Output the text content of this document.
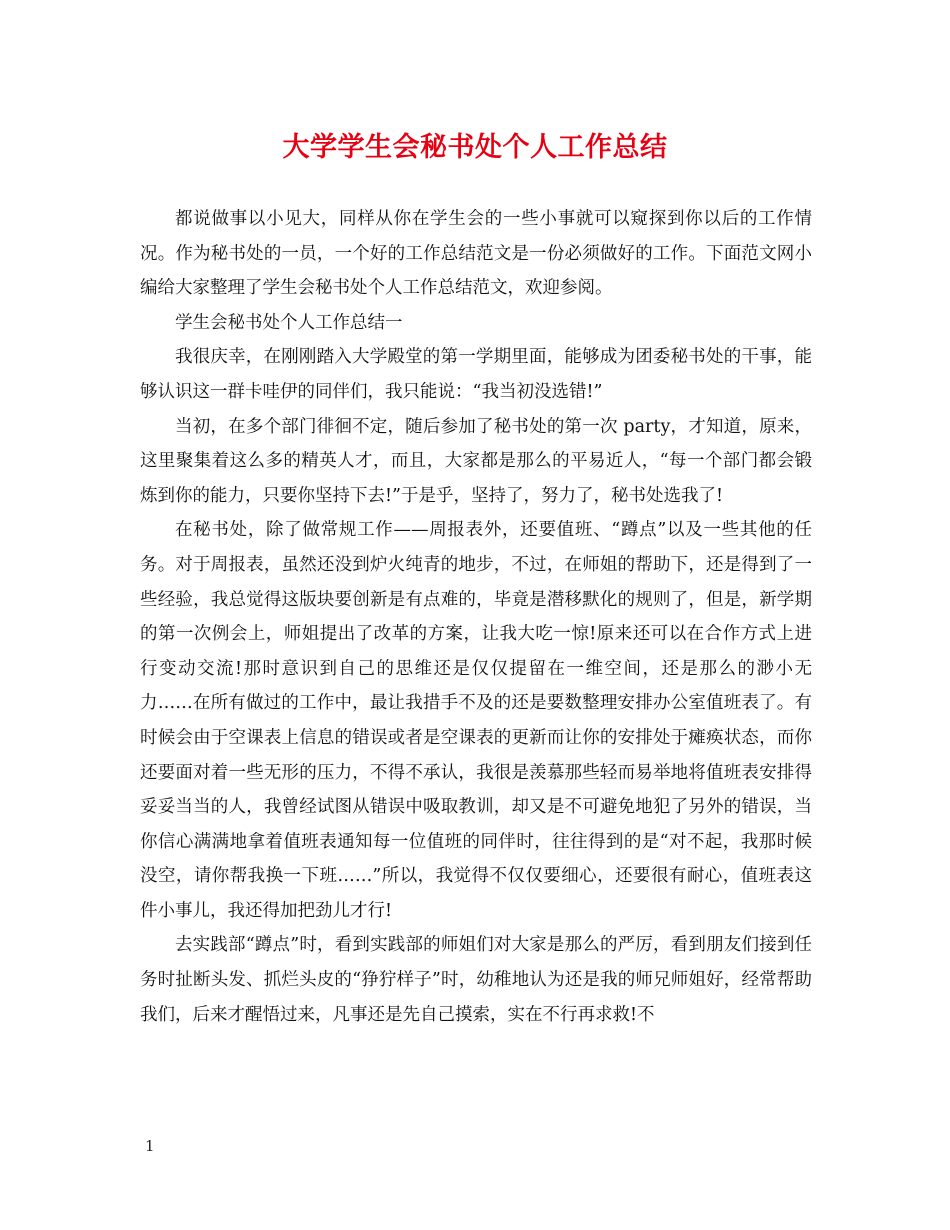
大学学生会秘书处个人工作总结

都说做事以小见大，同样从你在学生会的一些小事就可以窥探到你以后的工作情况。作为秘书处的一员，一个好的工作总结范文是一份必须做好的工作。下面范文网小编给大家整理了学生会秘书处个人工作总结范文，欢迎参阅。

学生会秘书处个人工作总结一

我很庆幸，在刚刚踏入大学殿堂的第一学期里面，能够成为团委秘书处的干事，能够认识这一群卡哇伊的同伴们，我只能说：“我当初没选错!”

当初，在多个部门徘徊不定，随后参加了秘书处的第一次 party，才知道，原来，这里聚集着这么多的精英人才，而且，大家都是那么的平易近人，“每一个部门都会锻炼到你的能力，只要你坚持下去!”于是乎，坚持了，努力了，秘书处选我了!

在秘书处，除了做常规工作——周报表外，还要值班、“蹲点”以及一些其他的任务。对于周报表，虽然还没到炉火纯青的地步，不过，在师姐的帮助下，还是得到了一些经验，我总觉得这版块要创新是有点难的，毕竟是潜移默化的规则了，但是，新学期的第一次例会上，师姐提出了改革的方案，让我大吃一惊!原来还可以在合作方式上进行变动交流!那时意识到自己的思维还是仅仅提留在一维空间，还是那么的渺小无力……在所有做过的工作中，最让我措手不及的还是要数整理安排办公室值班表了。有时候会由于空课表上信息的错误或者是空课表的更新而让你的安排处于瘫痪状态，而你还要面对着一些无形的压力，不得不承认，我很是羡慕那些轻而易举地将值班表安排得妥妥当当的人，我曾经试图从错误中吸取教训，却又是不可避免地犯了另外的错误，当你信心满满地拿着值班表通知每一位值班的同伴时，往往得到的是“对不起，我那时候没空，请你帮我换一下班……”所以，我觉得不仅仅要细心，还要很有耐心，值班表这件小事儿，我还得加把劲儿才行!

去实践部“蹲点”时，看到实践部的师姐们对大家是那么的严厉，看到朋友们接到任务时扯断头发、抓烂头皮的“狰狞样子”时，幼稚地认为还是我的师兄师姐好，经常帮助我们，后来才醒悟过来，凡事还是先自己摸索，实在不行再求救!不

1
